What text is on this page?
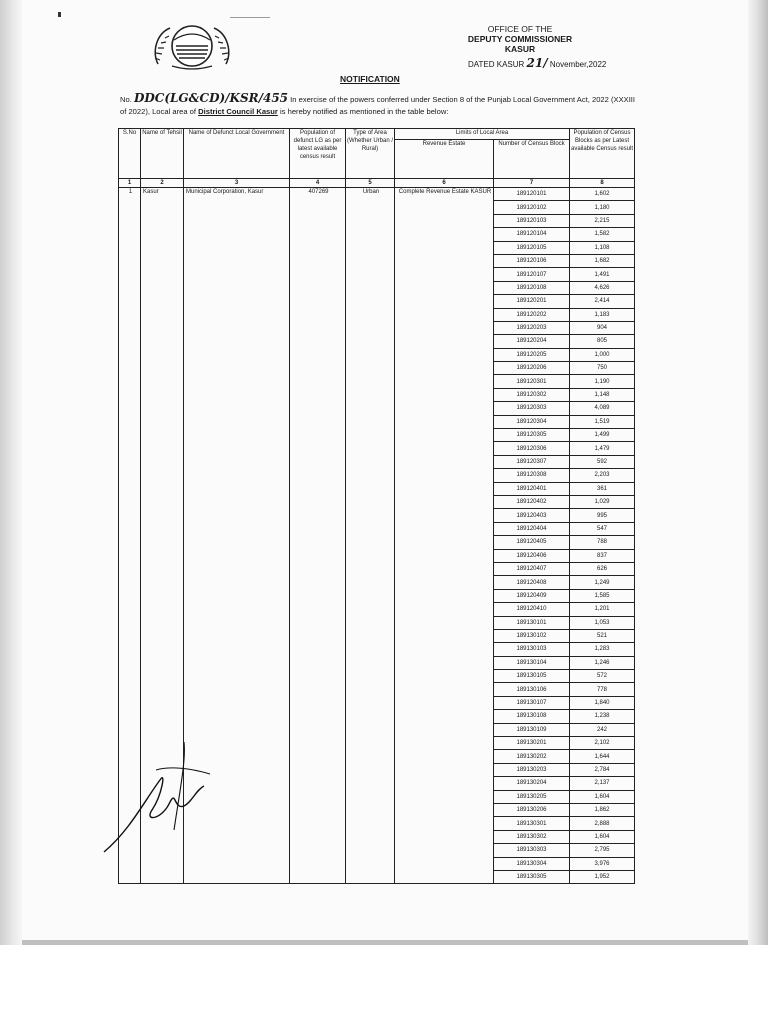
OFFICE OF THE
DEPUTY COMMISSIONER
KASUR
DATED KASUR 21/ November,2022
NOTIFICATION
No. DDC(LG&CD)/KSR/455 In exercise of the powers conferred under Section 8 of the Punjab Local Government Act, 2022 (XXXIII of 2022), Local area of District Council Kasur is hereby notified as mentioned in the table below:
S.No	Name of Tehsil	Name of Defunct Local Government	Population of defunct LG as per latest available census result	Type of Area (Whether Urban / Rural)	Limits of Local Area		Population of Census Blocks as per Latest available Census result
					Revenue Estate	Number of Census Block	
1	2	3	4	5	6	7	8
1	Kasur	Municipal Corporation, Kasur	407269	Urban	Complete Revenue Estate KASUR	189120101	1,602
						189120102	1,180
						189120103	2,215
						189120104	1,582
						189120105	1,108
						189120106	1,682
						189120107	1,491
						189120108	4,626
						189120201	2,414
						189120202	1,183
						189120203	904
						189120204	805
						189120205	1,000
						189120206	750
						189120301	1,190
						189120302	1,148
						189120303	4,089
						189120304	1,519
						189120305	1,499
						189120306	1,479
						189120307	592
						189120308	2,203
						189120401	361
						189120402	1,029
						189120403	995
						189120404	547
						189120405	788
						189120406	837
						189120407	626
						189120408	1,249
						189120409	1,585
						189120410	1,201
						189130101	1,053
						189130102	521
						189130103	1,283
						189130104	1,246
						189130105	572
						189130106	778
						189130107	1,840
						189130108	1,238
						189130109	242
						189130201	2,102
						189130202	1,644
						189130203	2,784
						189130204	2,137
						189130205	1,604
						189130206	1,862
						189130301	2,888
						189130302	1,604
						189130303	2,795
						189130304	3,976
						189130305	1,952
